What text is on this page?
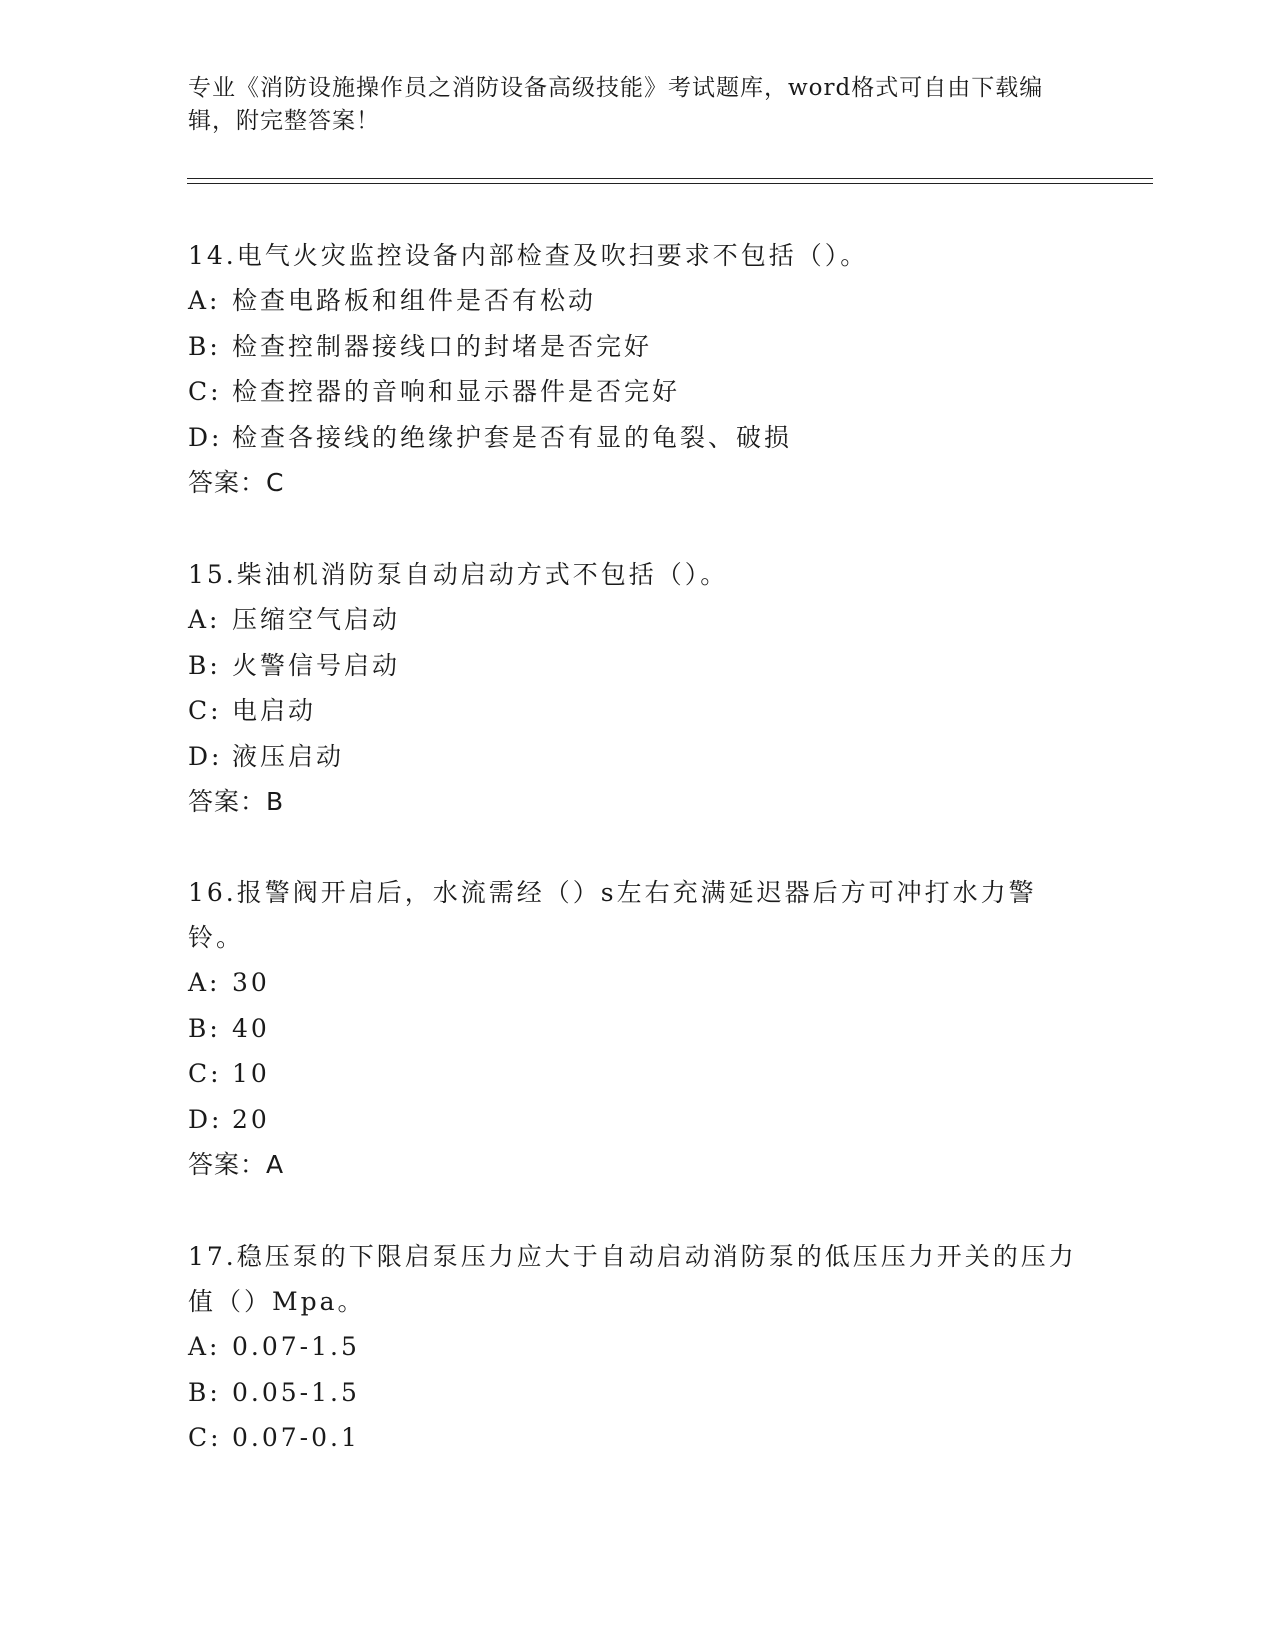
专业《消防设施操作员之消防设备高级技能》考试题库，word格式可自由下载编辑，附完整答案！

14.电气火灾监控设备内部检查及吹扫要求不包括（）。

A: 检查电路板和组件是否有松动

B: 检查控制器接线口的封堵是否完好

C: 检查控器的音响和显示器件是否完好

D: 检查各接线的绝缘护套是否有显的龟裂、破损

答案：C

15.柴油机消防泵自动启动方式不包括（）。

A: 压缩空气启动

B: 火警信号启动

C: 电启动

D: 液压启动

答案：B

16.报警阀开启后，水流需经（）s左右充满延迟器后方可冲打水力警铃。

A: 30

B: 40

C: 10

D: 20

答案：A

17.稳压泵的下限启泵压力应大于自动启动消防泵的低压压力开关的压力值（）Mpa。

A: 0.07-1.5

B: 0.05-1.5

C: 0.07-0.1
